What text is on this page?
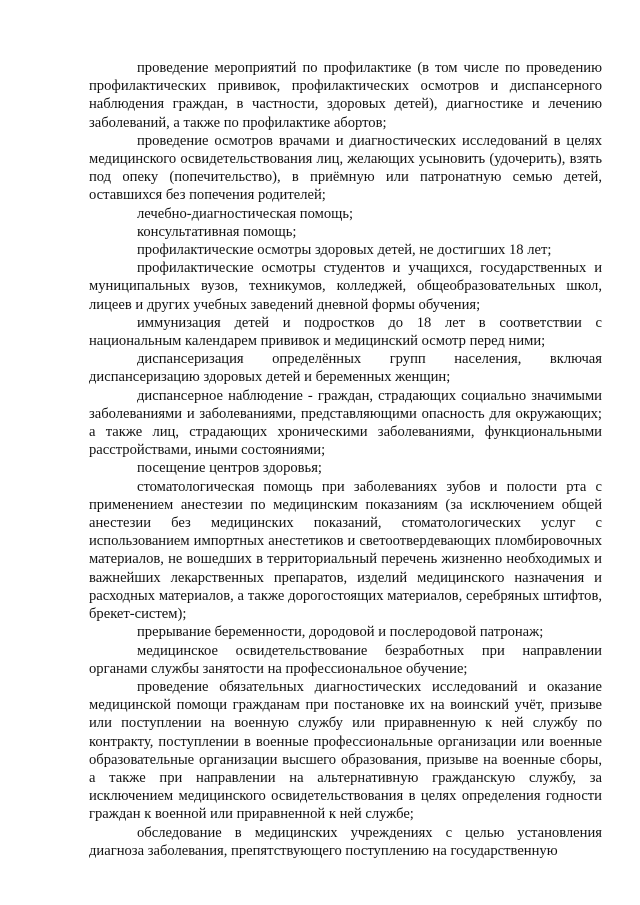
проведение мероприятий по профилактике (в том числе по проведению профилактических прививок, профилактических осмотров и диспансерного наблюдения граждан, в частности, здоровых детей), диагностике и лечению заболеваний, а также по профилактике абортов;

проведение осмотров врачами и диагностических исследований в целях медицинского освидетельствования лиц, желающих усыновить (удочерить), взять под опеку (попечительство), в приёмную или патронатную семью детей, оставшихся без попечения родителей;

лечебно-диагностическая помощь;

консультативная помощь;

профилактические осмотры здоровых детей, не достигших 18 лет;

профилактические осмотры студентов и учащихся, государственных и муниципальных вузов, техникумов, колледжей, общеобразовательных школ, лицеев и других учебных заведений дневной формы обучения;

иммунизация детей и подростков до 18 лет в соответствии с национальным календарем прививок и медицинский осмотр перед ними;

диспансеризация определённых групп населения, включая диспансеризацию здоровых детей и беременных женщин;

диспансерное наблюдение - граждан, страдающих социально значимыми заболеваниями и заболеваниями, представляющими опасность для окружающих; а также лиц, страдающих хроническими заболеваниями, функциональными расстройствами, иными состояниями;

посещение центров здоровья;

стоматологическая помощь при заболеваниях зубов и полости рта с применением анестезии по медицинским показаниям (за исключением общей анестезии без медицинских показаний, стоматологических услуг с использованием импортных анестетиков и светоотвердевающих пломбировочных материалов, не вошедших в территориальный перечень жизненно необходимых и важнейших лекарственных препаратов, изделий медицинского назначения и расходных материалов, а также дорогостоящих материалов, серебряных штифтов, брекет-систем);

прерывание беременности, дородовой и послеродовой патронаж;

медицинское освидетельствование безработных при направлении органами службы занятости на профессиональное обучение;

проведение обязательных диагностических исследований и оказание медицинской помощи гражданам при постановке их на воинский учёт, призыве или поступлении на военную службу или приравненную к ней службу по контракту, поступлении в военные профессиональные организации или военные образовательные организации высшего образования, призыве на военные сборы, а также при направлении на альтернативную гражданскую службу, за исключением медицинского освидетельствования в целях определения годности граждан к военной или приравненной к ней службе;

обследование в медицинских учреждениях с целью установления диагноза заболевания, препятствующего поступлению на государственную
